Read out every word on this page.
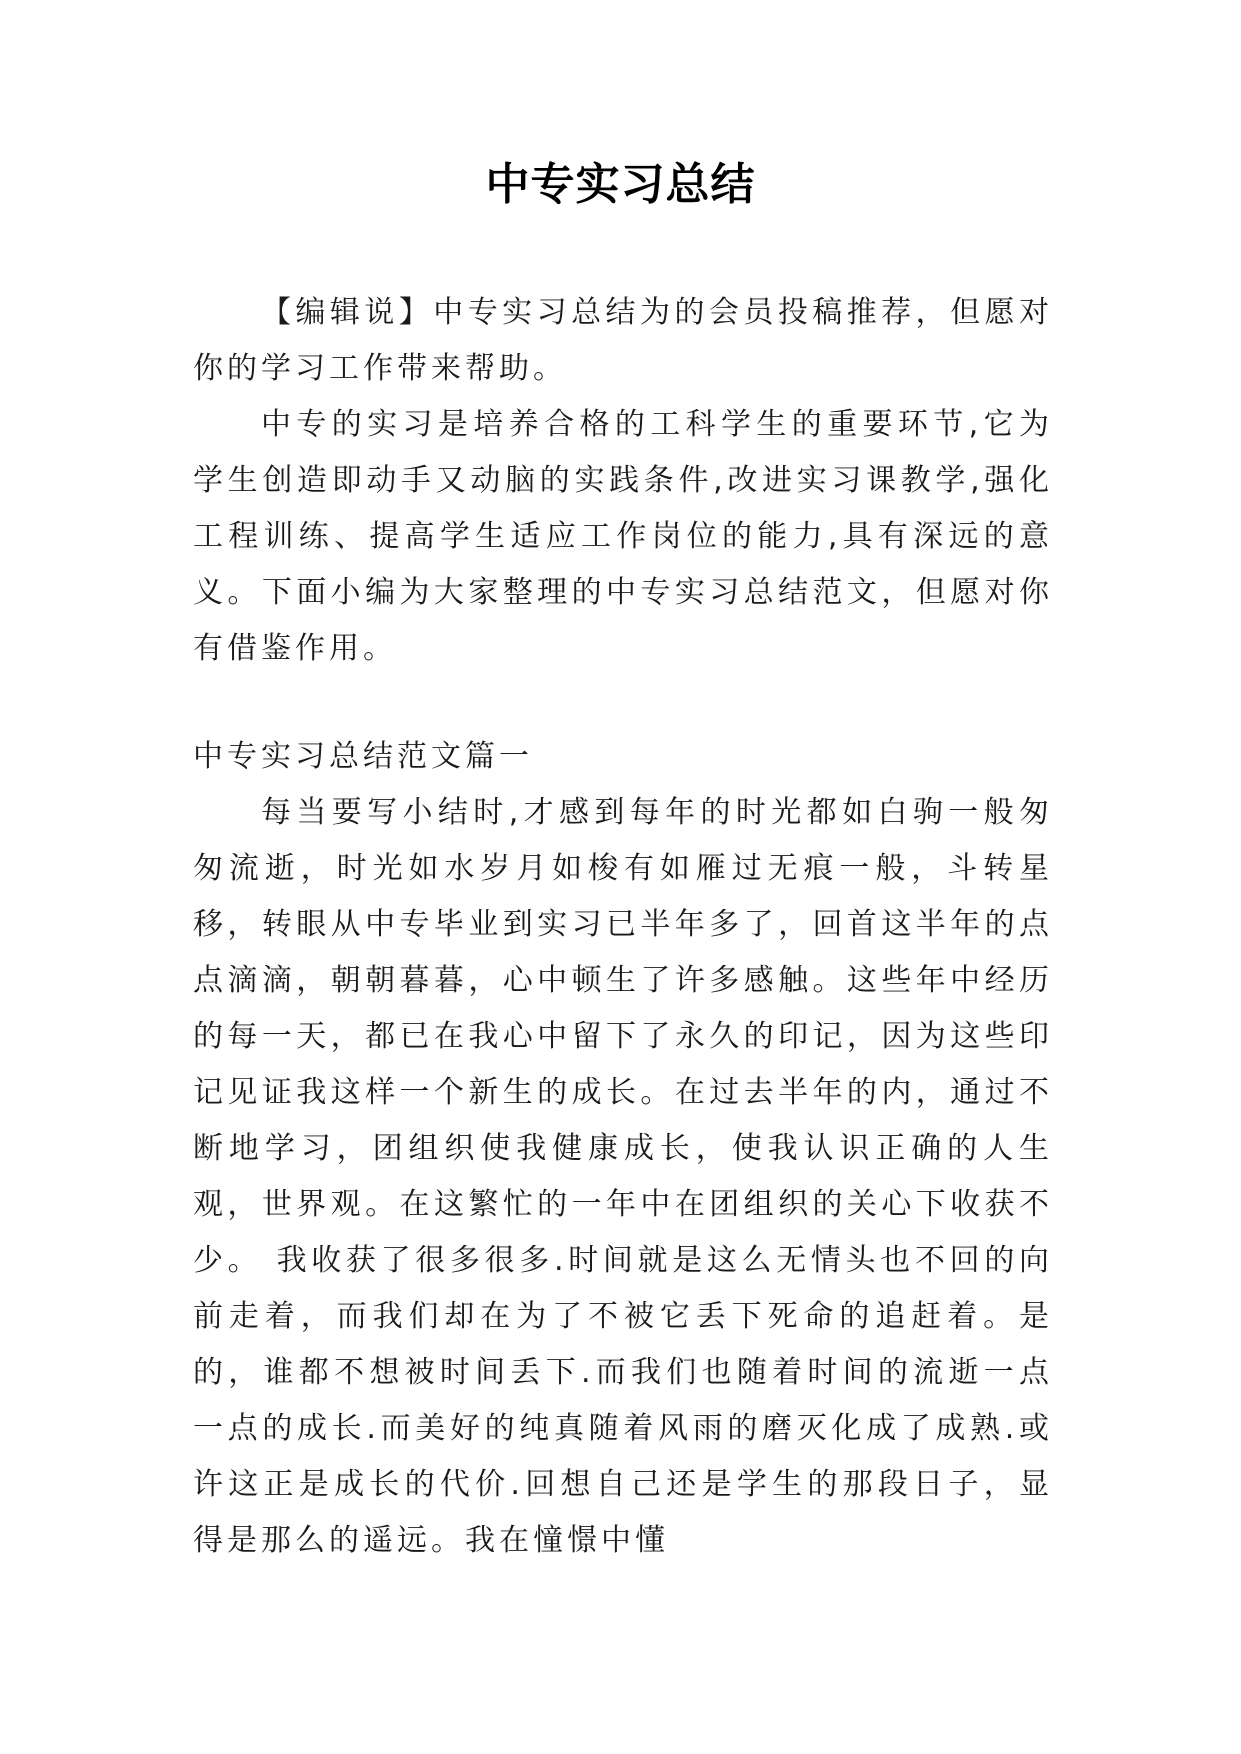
中专实习总结

【编辑说】中专实习总结为的会员投稿推荐，但愿对你的学习工作带来帮助。

中专的实习是培养合格的工科学生的重要环节,它为学生创造即动手又动脑的实践条件,改进实习课教学,强化工程训练、提高学生适应工作岗位的能力,具有深远的意义。下面小编为大家整理的中专实习总结范文，但愿对你有借鉴作用。

中专实习总结范文篇一

每当要写小结时,才感到每年的时光都如白驹一般匆匆流逝，时光如水岁月如梭有如雁过无痕一般，斗转星移，转眼从中专毕业到实习已半年多了，回首这半年的点点滴滴，朝朝暮暮，心中顿生了许多感触。这些年中经历的每一天，都已在我心中留下了永久的印记，因为这些印记见证我这样一个新生的成长。在过去半年的内，通过不断地学习，团组织使我健康成长，使我认识正确的人生观，世界观。在这繁忙的一年中在团组织的关心下收获不少。 我收获了很多很多.时间就是这么无情头也不回的向前走着，而我们却在为了不被它丢下死命的追赶着。是的，谁都不想被时间丢下.而我们也随着时间的流逝一点一点的成长.而美好的纯真随着风雨的磨灭化成了成熟.或许这正是成长的代价.回想自己还是学生的那段日子，显得是那么的遥远。我在憧憬中懂
